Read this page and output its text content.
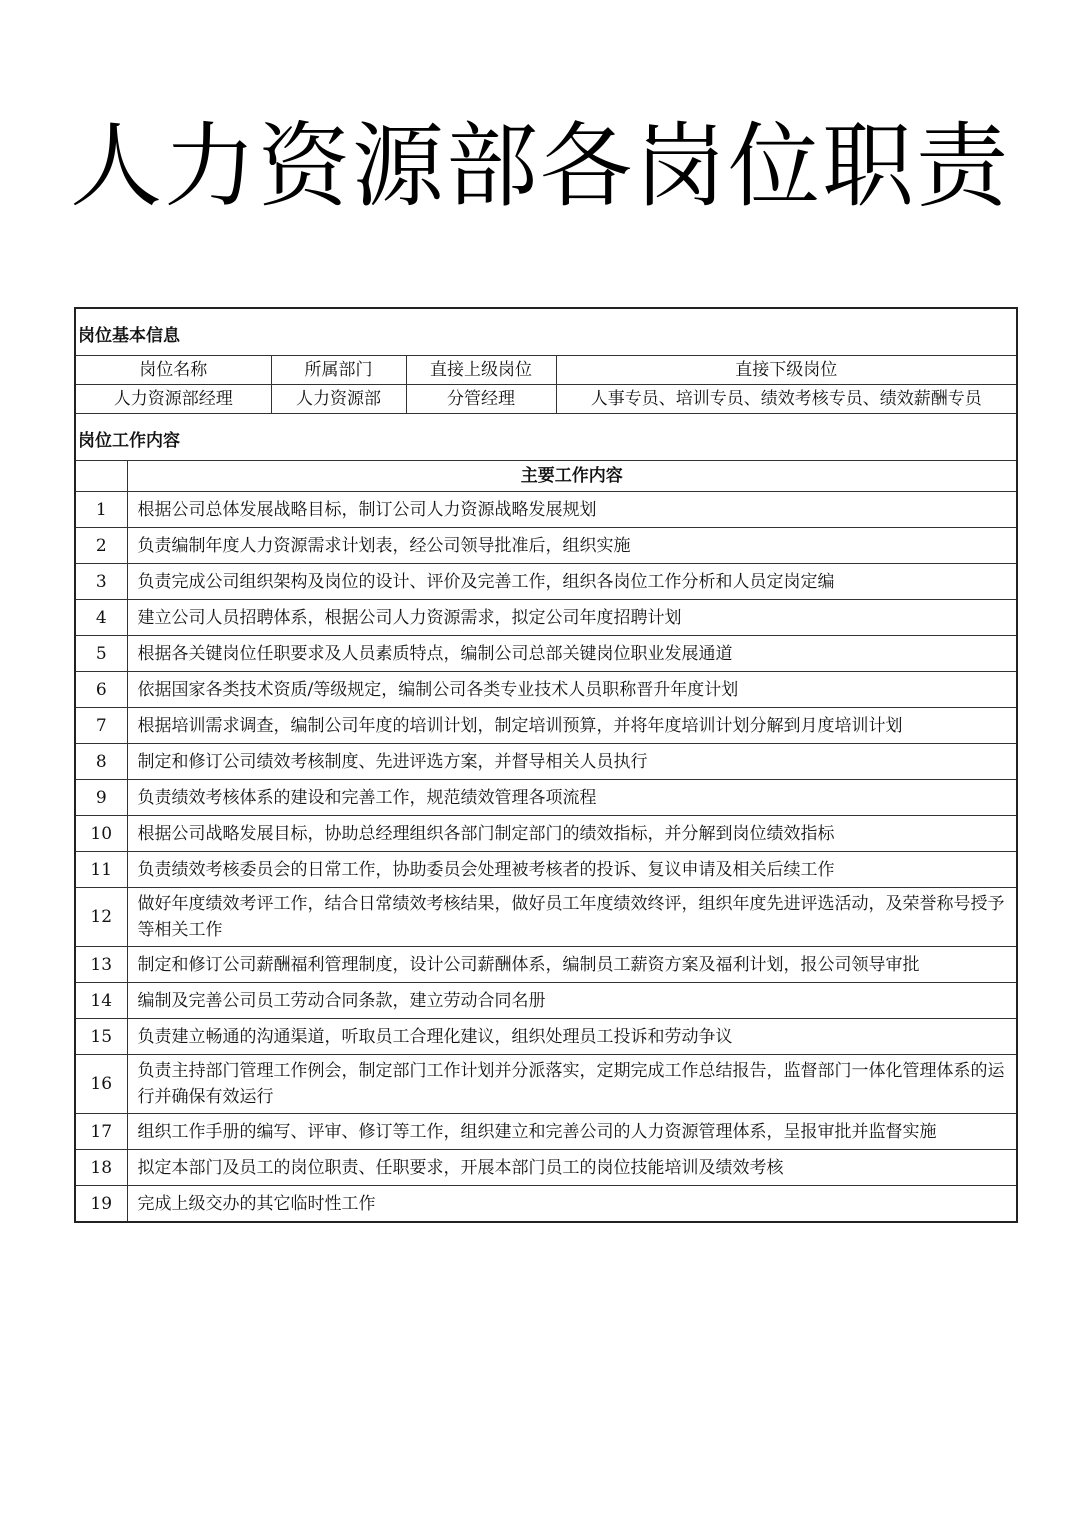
人力资源部各岗位职责
岗位基本信息				
岗位名称		所属部门	直接上级岗位	直接下级岗位
人力资源部经理		人力资源部	分管经理	人事专员、培训专员、绩效考核专员、绩效薪酬专员
岗位工作内容				
	主要工作内容			
1	根据公司总体发展战略目标，制订公司人力资源战略发展规划			
2	负责编制年度人力资源需求计划表，经公司领导批准后，组织实施			
3	负责完成公司组织架构及岗位的设计、评价及完善工作，组织各岗位工作分析和人员定岗定编			
4	建立公司人员招聘体系，根据公司人力资源需求，拟定公司年度招聘计划			
5	根据各关键岗位任职要求及人员素质特点，编制公司总部关键岗位职业发展通道			
6	依据国家各类技术资质/等级规定，编制公司各类专业技术人员职称晋升年度计划			
7	根据培训需求调查，编制公司年度的培训计划，制定培训预算，并将年度培训计划分解到月度培训计划			
8	制定和修订公司绩效考核制度、先进评选方案，并督导相关人员执行			
9	负责绩效考核体系的建设和完善工作，规范绩效管理各项流程			
10	根据公司战略发展目标，协助总经理组织各部门制定部门的绩效指标，并分解到岗位绩效指标			
11	负责绩效考核委员会的日常工作，协助委员会处理被考核者的投诉、复议申请及相关后续工作			
12	做好年度绩效考评工作，结合日常绩效考核结果，做好员工年度绩效终评，组织年度先进评选活动，及荣誉称号授予等相关工作			
13	制定和修订公司薪酬福利管理制度，设计公司薪酬体系，编制员工薪资方案及福利计划，报公司领导审批			
14	编制及完善公司员工劳动合同条款，建立劳动合同名册			
15	负责建立畅通的沟通渠道，听取员工合理化建议，组织处理员工投诉和劳动争议			
16	负责主持部门管理工作例会，制定部门工作计划并分派落实，定期完成工作总结报告，监督部门一体化管理体系的运行并确保有效运行			
17	组织工作手册的编写、评审、修订等工作，组织建立和完善公司的人力资源管理体系，呈报审批并监督实施			
18	拟定本部门及员工的岗位职责、任职要求，开展本部门员工的岗位技能培训及绩效考核			
19	完成上级交办的其它临时性工作			
